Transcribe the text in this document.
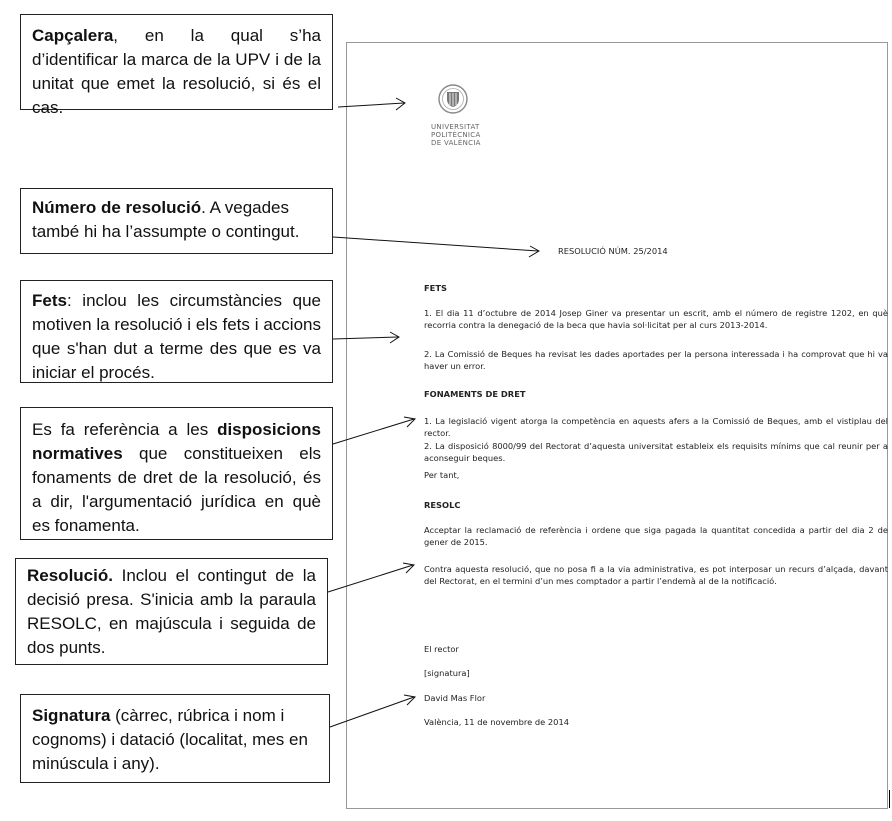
Capçalera, en la qual s’ha d’identificar la marca de la UPV i de la unitat que emet la resolució, si és el cas.
Número de resolució. A vegades també hi ha l’assumpte o contingut.
Fets: inclou les circumstàncies que motiven la resolució i els fets i accions que s'han dut a terme des que es va iniciar el procés.
Es fa referència a les disposicions normatives que constitueixen els fonaments de dret de la resolució, és a dir, l'argumentació jurídica en què es fonamenta.
Resolució. Inclou el contingut de la decisió presa. S'inicia amb la paraula RESOLC, en majúscula i seguida de dos punts.
Signatura (càrrec, rúbrica i nom i cognoms) i datació (localitat, mes en minúscula i any).
UNIVERSITAT
POLITÈCNICA
DE VALÈNCIA
RESOLUCIÓ NÚM. 25/2014
FETS
1. El dia 11 d’octubre de 2014 Josep Giner va presentar un escrit, amb el número de registre 1202, en què recorria contra la denegació de la beca que havia sol·licitat per al curs 2013-2014.
2. La Comissió de Beques ha revisat les dades aportades per la persona interessada i ha comprovat que hi va haver un error.
FONAMENTS DE DRET
1. La legislació vigent atorga la competència en aquests afers a la Comissió de Beques, amb el vistiplau del rector.
2. La disposició 8000/99 del Rectorat d’aquesta universitat estableix els requisits mínims que cal reunir per a aconseguir beques.
Per tant,
RESOLC
Acceptar la reclamació de referència i ordene que siga pagada la quantitat concedida a partir del dia 2 de gener de 2015.
Contra aquesta resolució, que no posa fi a la via administrativa, es pot interposar un recurs d’alçada, davant del Rectorat, en el termini d’un mes comptador a partir l’endemà al de la notificació.
El rector
[signatura]
David Mas Flor
València, 11 de novembre de 2014
